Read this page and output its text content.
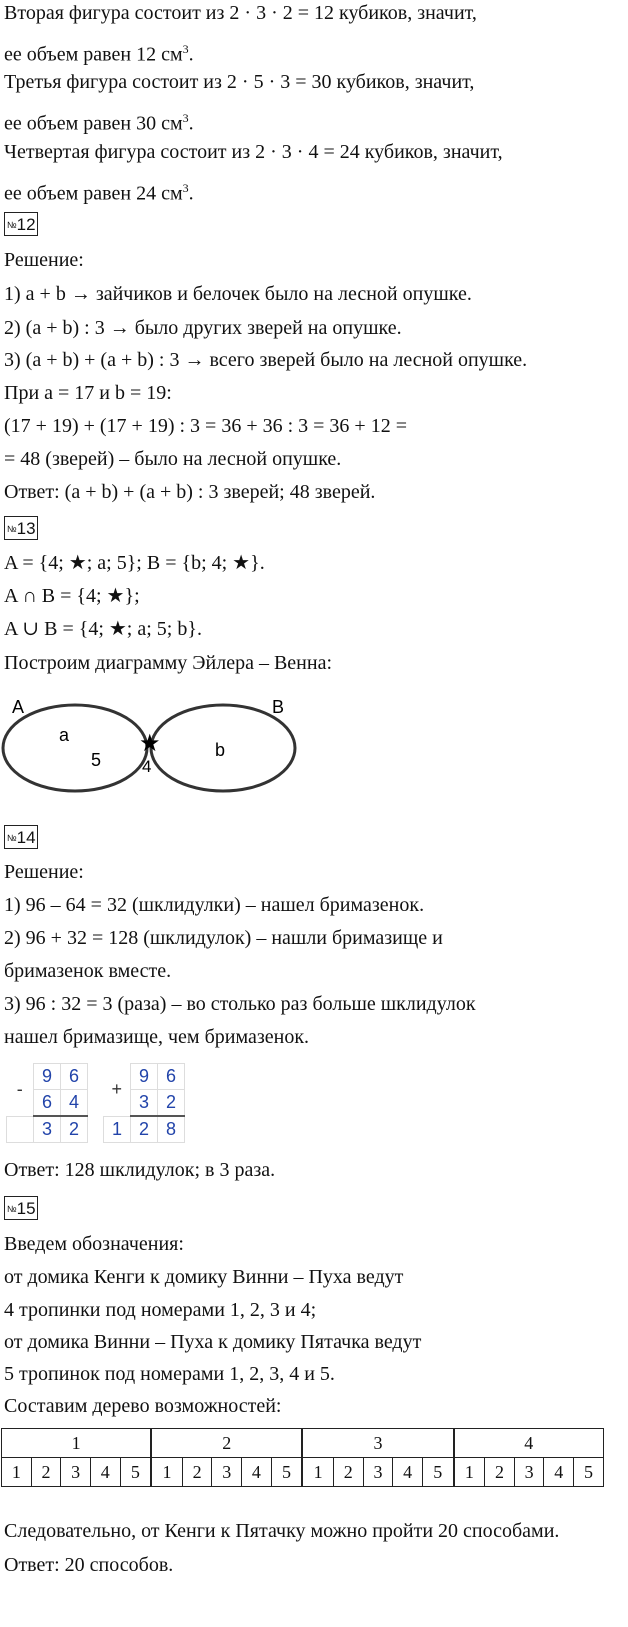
Вторая фигура состоит из 2 · 3 · 2 = 12 кубиков, значит,
ее объем равен 12 $см^3$.
Третья фигура состоит из 2 · 5 · 3 = 30 кубиков, значит,
ее объем равен 30 $см^3$.
Четвертая фигура состоит из 2 · 3 · 4 = 24 кубиков, значит,
ее объем равен 24 $см^3$.
№12
Решение:
1) a + b → зайчиков и белочек было на лесной опушке.
2) (a + b) : 3 → было других зверей на опушке.
3) (a + b) + (a + b) : 3 → всего зверей было на лесной опушке.
При a = 17 и b = 19:
(17 + 19) + (17 + 19) : 3 = 36 + 36 : 3 = 36 + 12 =
= 48 (зверей) – было на лесной опушке.
Ответ: (a + b) + (a + b) : 3 зверей; 48 зверей.
№13
A = {4; ★; a; 5}; B = {b; 4; ★}.
A ∩ B = {4; ★};
A ∪ B = {4; ★; a; 5; b}.
Построим диаграмму Эйлера – Венна:
A	B
a
5
★
4
b
№14
Решение:
1) 96 – 64 = 32 (шклидулки) – нашел бримазенок.
2) 96 + 32 = 128 (шклидулок) – нашли бримазище и
бримазенок вместе.
3) 96 : 32 = 3 (раза) – во столько раз больше шклидулок
нашел бримазище, чем бримазенок.
-	9	6
	6	4
	3	2
+	9	6
	3	2
1	2	8
Ответ: 128 шклидулок; в 3 раза.
№15
Введем обозначения:
от домика Кенги к домику Винни – Пуха ведут
4 тропинки под номерами 1, 2, 3 и 4;
от домика Винни – Пуха к домику Пятачка ведут
5 тропинок под номерами 1, 2, 3, 4 и 5.
Составим дерево возможностей:
1					2					3					4				
1	2	3	4	5	1	2	3	4	5	1	2	3	4	5	1	2	3	4	5
Следовательно, от Кенги к Пятачку можно пройти 20 способами.
Ответ: 20 способов.
